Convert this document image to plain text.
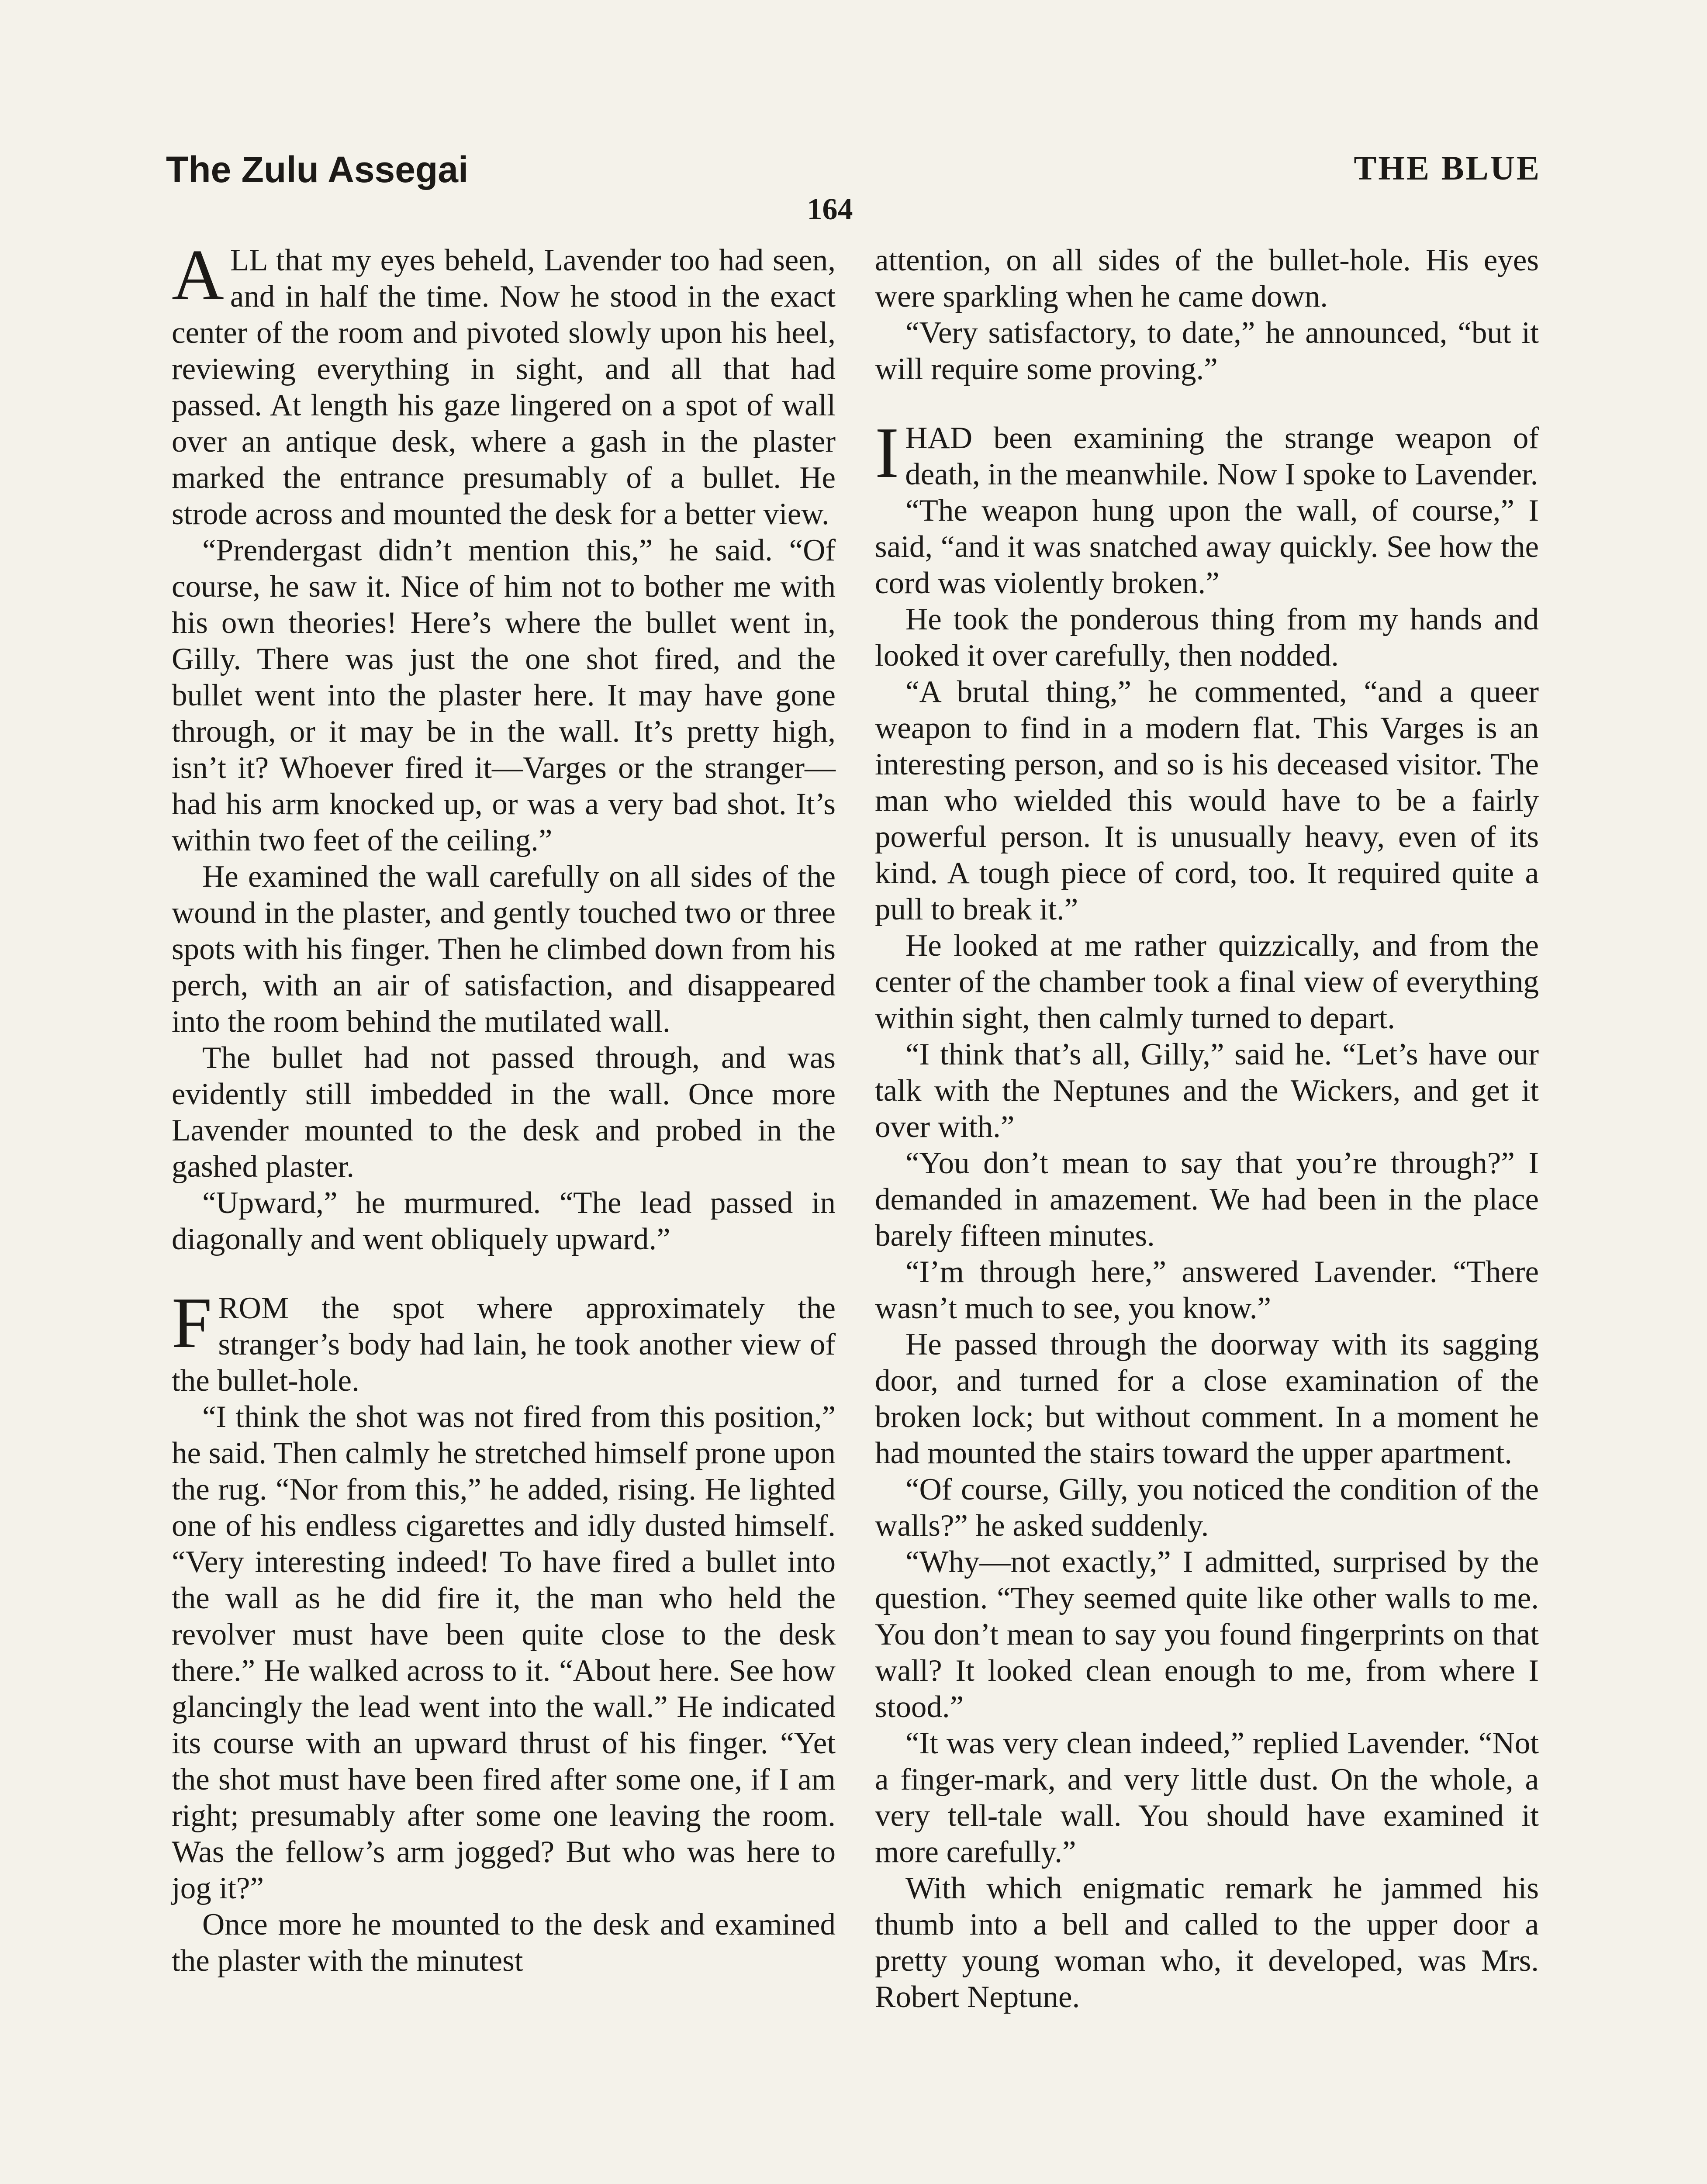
The Zulu Assegai	THE BLUE
164

ALL that my eyes beheld, Lavender too had seen, and in half the time. Now he stood in the exact center of the room and pivoted slowly upon his heel, reviewing everything in sight, and all that had passed. At length his gaze lingered on a spot of wall over an antique desk, where a gash in the plaster marked the entrance presumably of a bullet. He strode across and mounted the desk for a better view.

“Prendergast didn’t mention this,” he said. “Of course, he saw it. Nice of him not to bother me with his own theories! Here’s where the bullet went in, Gilly. There was just the one shot fired, and the bullet went into the plaster here. It may have gone through, or it may be in the wall. It’s pretty high, isn’t it? Whoever fired it—Varges or the stranger—had his arm knocked up, or was a very bad shot. It’s within two feet of the ceiling.”

He examined the wall carefully on all sides of the wound in the plaster, and gently touched two or three spots with his finger. Then he climbed down from his perch, with an air of satisfaction, and disappeared into the room behind the mutilated wall.

The bullet had not passed through, and was evidently still imbedded in the wall. Once more Lavender mounted to the desk and probed in the gashed plaster.

“Upward,” he murmured. “The lead passed in diagonally and went obliquely upward.”

FROM the spot where approximately the stranger’s body had lain, he took another view of the bullet-hole.

“I think the shot was not fired from this position,” he said. Then calmly he stretched himself prone upon the rug. “Nor from this,” he added, rising. He lighted one of his endless cigarettes and idly dusted himself. “Very interesting indeed! To have fired a bullet into the wall as he did fire it, the man who held the revolver must have been quite close to the desk there.” He walked across to it. “About here. See how glancingly the lead went into the wall.” He indicated its course with an upward thrust of his finger. “Yet the shot must have been fired after some one, if I am right; presumably after some one leaving the room. Was the fellow’s arm jogged? But who was here to jog it?”

Once more he mounted to the desk and examined the plaster with the minutest

attention, on all sides of the bullet-hole. His eyes were sparkling when he came down.

“Very satisfactory, to date,” he announced, “but it will require some proving.”

IHAD been examining the strange weapon of death, in the meanwhile. Now I spoke to Lavender.

“The weapon hung upon the wall, of course,” I said, “and it was snatched away quickly. See how the cord was violently broken.”

He took the ponderous thing from my hands and looked it over carefully, then nodded.

“A brutal thing,” he commented, “and a queer weapon to find in a modern flat. This Varges is an interesting person, and so is his deceased visitor. The man who wielded this would have to be a fairly powerful person. It is unusually heavy, even of its kind. A tough piece of cord, too. It required quite a pull to break it.”

He looked at me rather quizzically, and from the center of the chamber took a final view of everything within sight, then calmly turned to depart.

“I think that’s all, Gilly,” said he. “Let’s have our talk with the Neptunes and the Wickers, and get it over with.”

“You don’t mean to say that you’re through?” I demanded in amazement. We had been in the place barely fifteen minutes.

“I’m through here,” answered Lavender. “There wasn’t much to see, you know.”

He passed through the doorway with its sagging door, and turned for a close examination of the broken lock; but without comment. In a moment he had mounted the stairs toward the upper apartment.

“Of course, Gilly, you noticed the condition of the walls?” he asked suddenly.

“Why—not exactly,” I admitted, surprised by the question. “They seemed quite like other walls to me. You don’t mean to say you found fingerprints on that wall? It looked clean enough to me, from where I stood.”

“It was very clean indeed,” replied Lavender. “Not a finger-mark, and very little dust. On the whole, a very tell-tale wall. You should have examined it more carefully.”

With which enigmatic remark he jammed his thumb into a bell and called to the upper door a pretty young woman who, it developed, was Mrs. Robert Neptune.
